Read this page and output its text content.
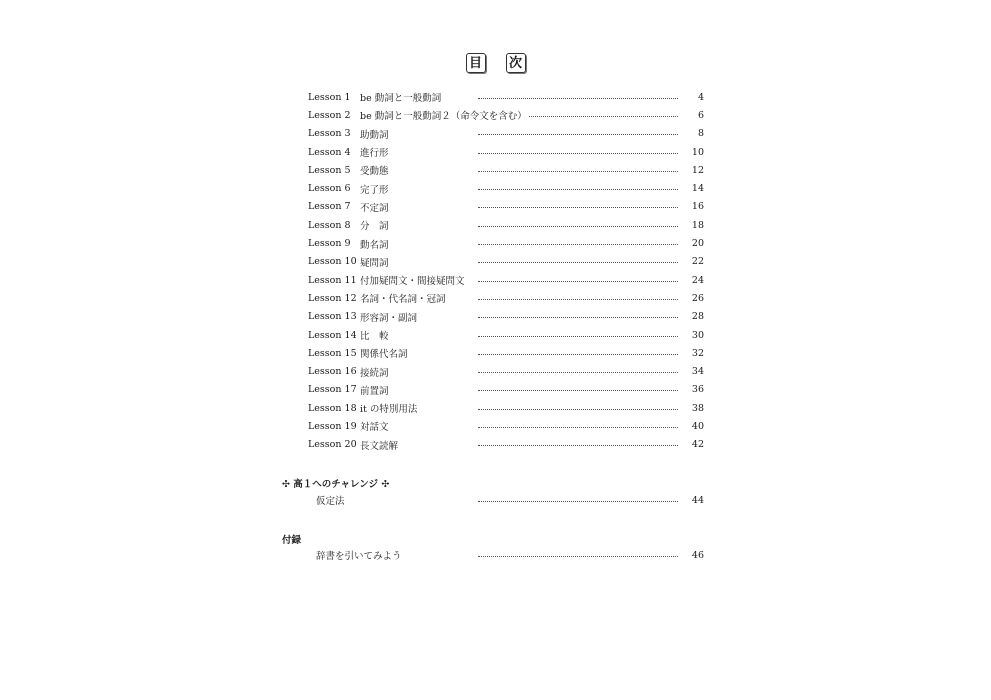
目 次
Lesson 1 be 動詞と一般動詞	4
Lesson 2 be 動詞と一般動詞２（命令文を含む）	6
Lesson 3 助動詞	8
Lesson 4 進行形	10
Lesson 5 受動態	12
Lesson 6 完了形	14
Lesson 7 不定詞	16
Lesson 8 分　詞	18
Lesson 9 動名詞	20
Lesson 10 疑問詞	22
Lesson 11 付加疑問文・間接疑問文	24
Lesson 12 名詞・代名詞・冠詞	26
Lesson 13 形容詞・副詞	28
Lesson 14 比　較	30
Lesson 15 関係代名詞	32
Lesson 16 接続詞	34
Lesson 17 前置詞	36
Lesson 18 it の特別用法	38
Lesson 19 対話文	40
Lesson 20 長文読解	42
✣ 高１へのチャレンジ ✣
仮定法	44
付録
辞書を引いてみよう	46
